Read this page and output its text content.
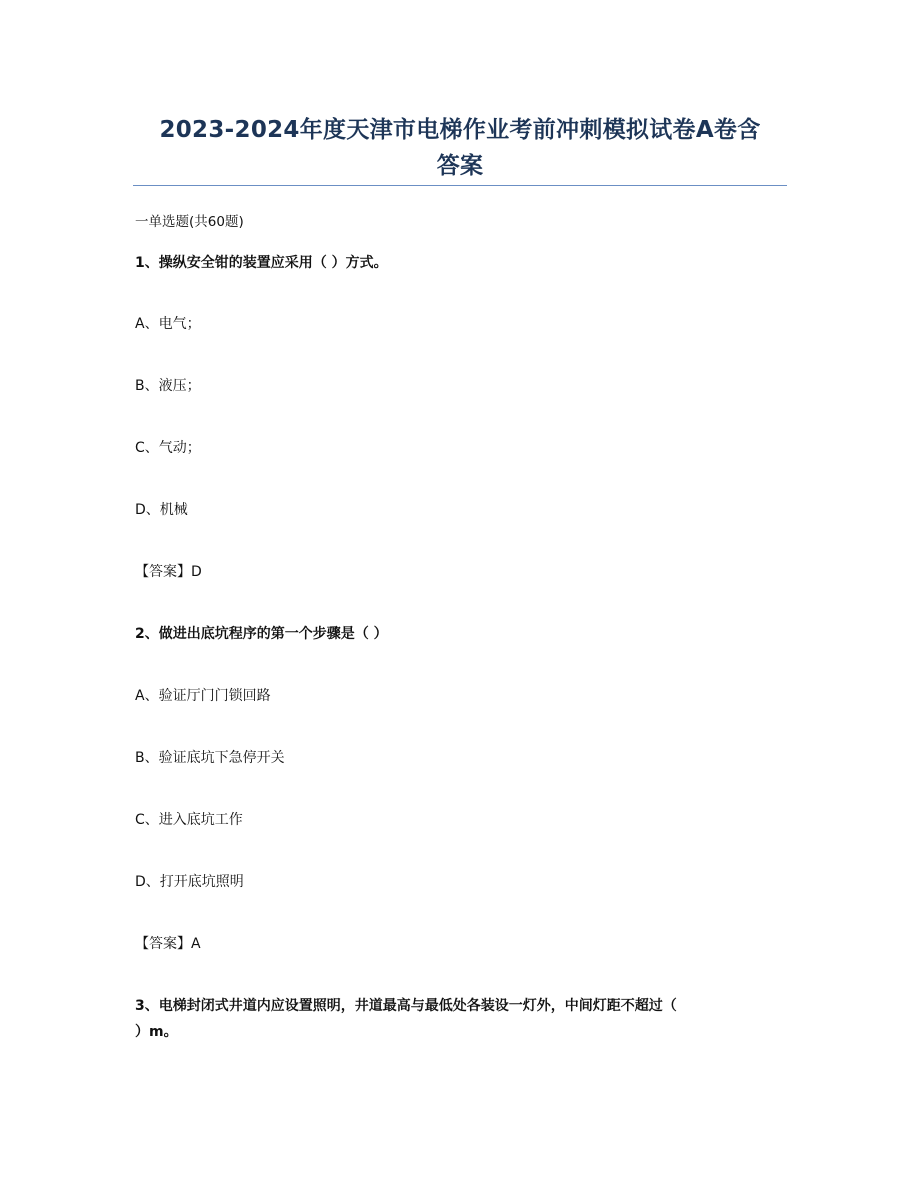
2023-2024年度天津市电梯作业考前冲刺模拟试卷A卷含
答案
一单选题(共60题)
1、操纵安全钳的装置应采用（ ）方式。
A、电气；
B、液压；
C、气动；
D、机械
【答案】D
2、做进出底坑程序的第一个步骤是（ ）
A、验证厅门门锁回路
B、验证底坑下急停开关
C、进入底坑工作
D、打开底坑照明
【答案】A
3、电梯封闭式井道内应设置照明，井道最高与最低处各装设一灯外，中间灯距不超过（
）m。
